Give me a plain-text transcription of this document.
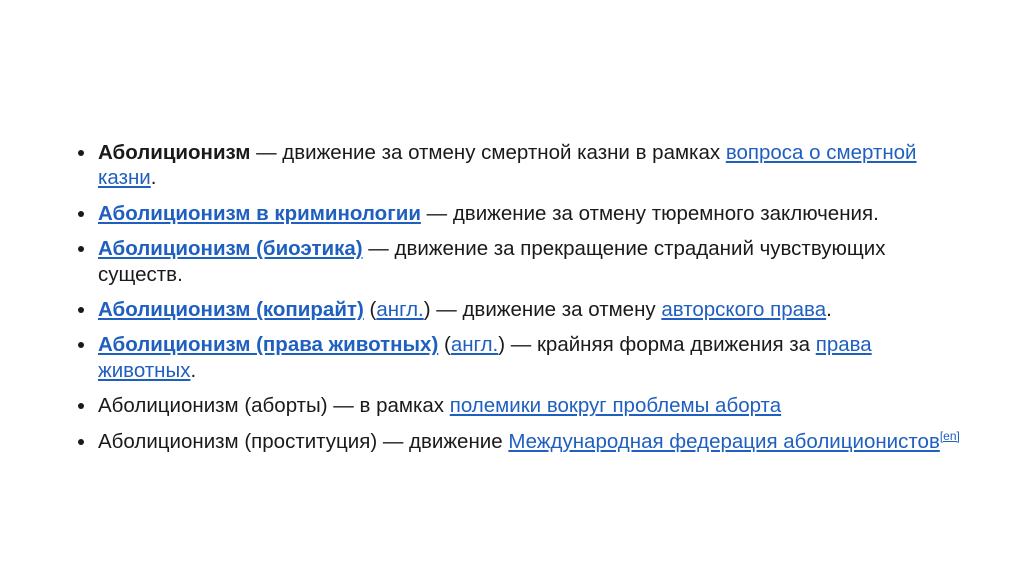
Аболиционизм — движение за отмену смертной казни в рамках вопроса о смертной казни.
Аболиционизм в криминологии — движение за отмену тюремного заключения.
Аболиционизм (биоэтика) — движение за прекращение страданий чувствующих существ.
Аболиционизм (копирайт) (англ.) — движение за отмену авторского права.
Аболиционизм (права животных) (англ.) — крайняя форма движения за права животных.
Аболиционизм (аборты) — в рамках полемики вокруг проблемы аборта
Аболиционизм (проституция) — движение Международная федерация аболиционистов[en]
